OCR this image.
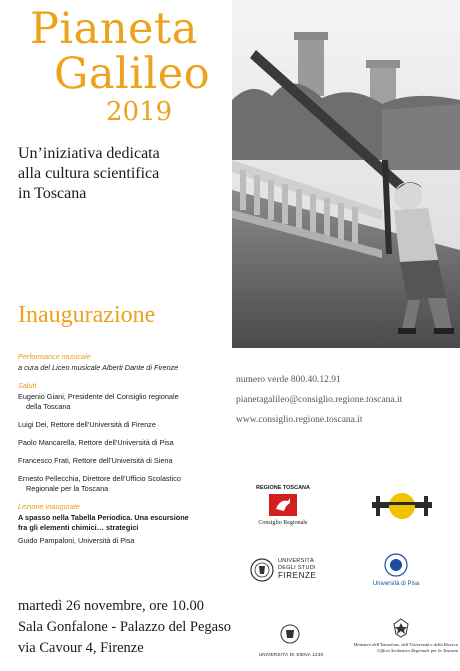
Pianeta
Galileo
2019
Un’iniziativa dedicata
alla cultura scientifica
in Toscana
Inaugurazione
Performance musicale
a cura del Liceo musicale Alberti Dante di Firenze
Saluti
Eugenio Giani, Presidente del Consiglio regionale
della Toscana
Luigi Dei, Rettore dell’Università di Firenze
Paolo Mancarella, Rettore dell’Università di Pisa
Francesco Frati, Rettore dell’Università di Siena
Ernesto Pellecchia, Direttore dell’Ufficio Scolastico
Regionale per la Toscana
Lezione inaugurale
A spasso nella Tabella Periodica. Una escursione
fra gli elementi chimici… strategici
Guido Pampaloni, Università di Pisa
numero verde 800.40.12.91
pianetagalileo@consiglio.regione.toscana.it
www.consiglio.regione.toscana.it
REGIONE TOSCANA
Consiglio Regionale
UNIVERSITÀ
DEGLI STUDI
FIRENZE
Università di Pisa
UNIVERSITÀ DI SIENA 1240
Ministero dell’Istruzione, dell’Università e della Ricerca
Ufficio Scolastico Regionale per la Toscana
martedì 26 novembre, ore 10.00
Sala Gonfalone - Palazzo del Pegaso
via Cavour 4, Firenze
